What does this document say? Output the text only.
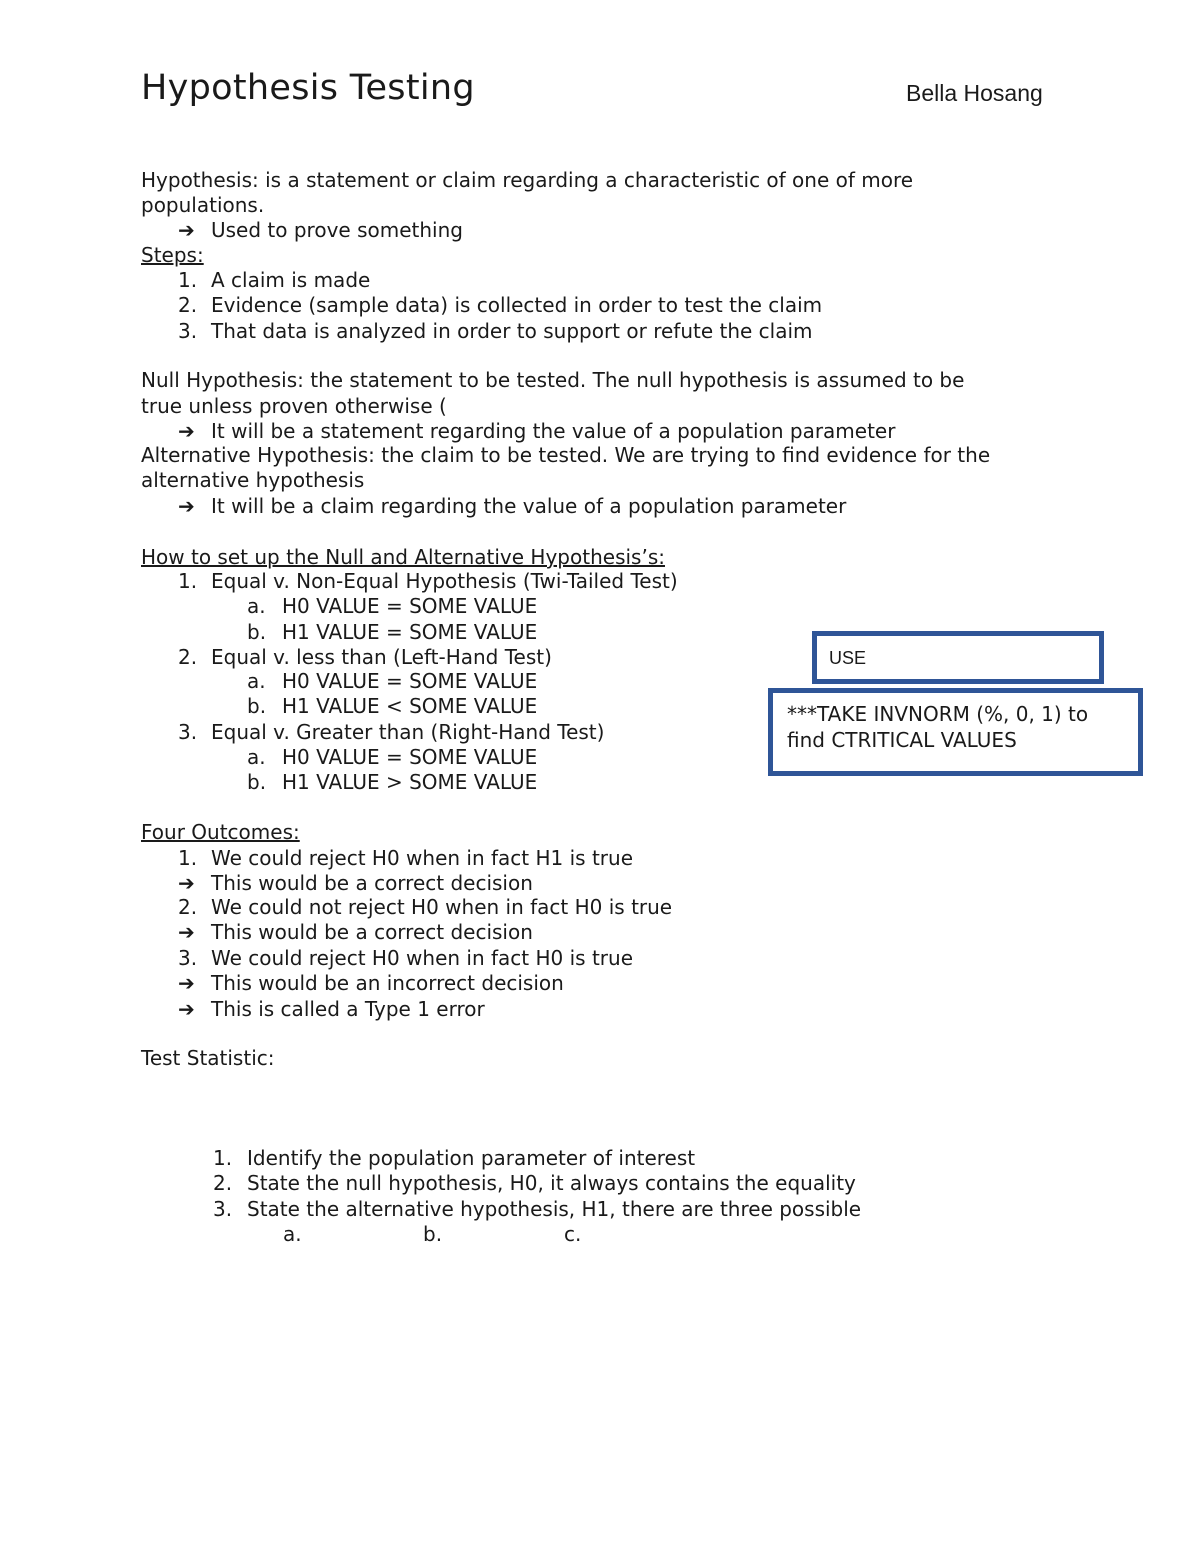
Hypothesis Testing	Bella Hosang
Hypothesis: is a statement or claim regarding a characteristic of one of more
populations.
➔ Used to prove something
Steps:
1. A claim is made
2. Evidence (sample data) is collected in order to test the claim
3. That data is analyzed in order to support or refute the claim
Null Hypothesis: the statement to be tested. The null hypothesis is assumed to be
true unless proven otherwise (
➔ It will be a statement regarding the value of a population parameter
Alternative Hypothesis: the claim to be tested. We are trying to find evidence for the
alternative hypothesis
➔ It will be a claim regarding the value of a population parameter
How to set up the Null and Alternative Hypothesis’s:
1. Equal v. Non-Equal Hypothesis (Twi-Tailed Test)
a. H0 VALUE = SOME VALUE
b. H1 VALUE = SOME VALUE
2. Equal v. less than (Left-Hand Test)
a. H0 VALUE = SOME VALUE
b. H1 VALUE < SOME VALUE
3. Equal v. Greater than (Right-Hand Test)
a. H0 VALUE = SOME VALUE
b. H1 VALUE > SOME VALUE
USE
***TAKE INVNORM (%, 0, 1) to
find CTRITICAL VALUES
Four Outcomes:
1. We could reject H0 when in fact H1 is true
➔ This would be a correct decision
2. We could not reject H0 when in fact H0 is true
➔ This would be a correct decision
3. We could reject H0 when in fact H0 is true
➔ This would be an incorrect decision
➔ This is called a Type 1 error
Test Statistic:
1. Identify the population parameter of interest
2. State the null hypothesis, H0, it always contains the equality
3. State the alternative hypothesis, H1, there are three possible
a.	b.	c.
